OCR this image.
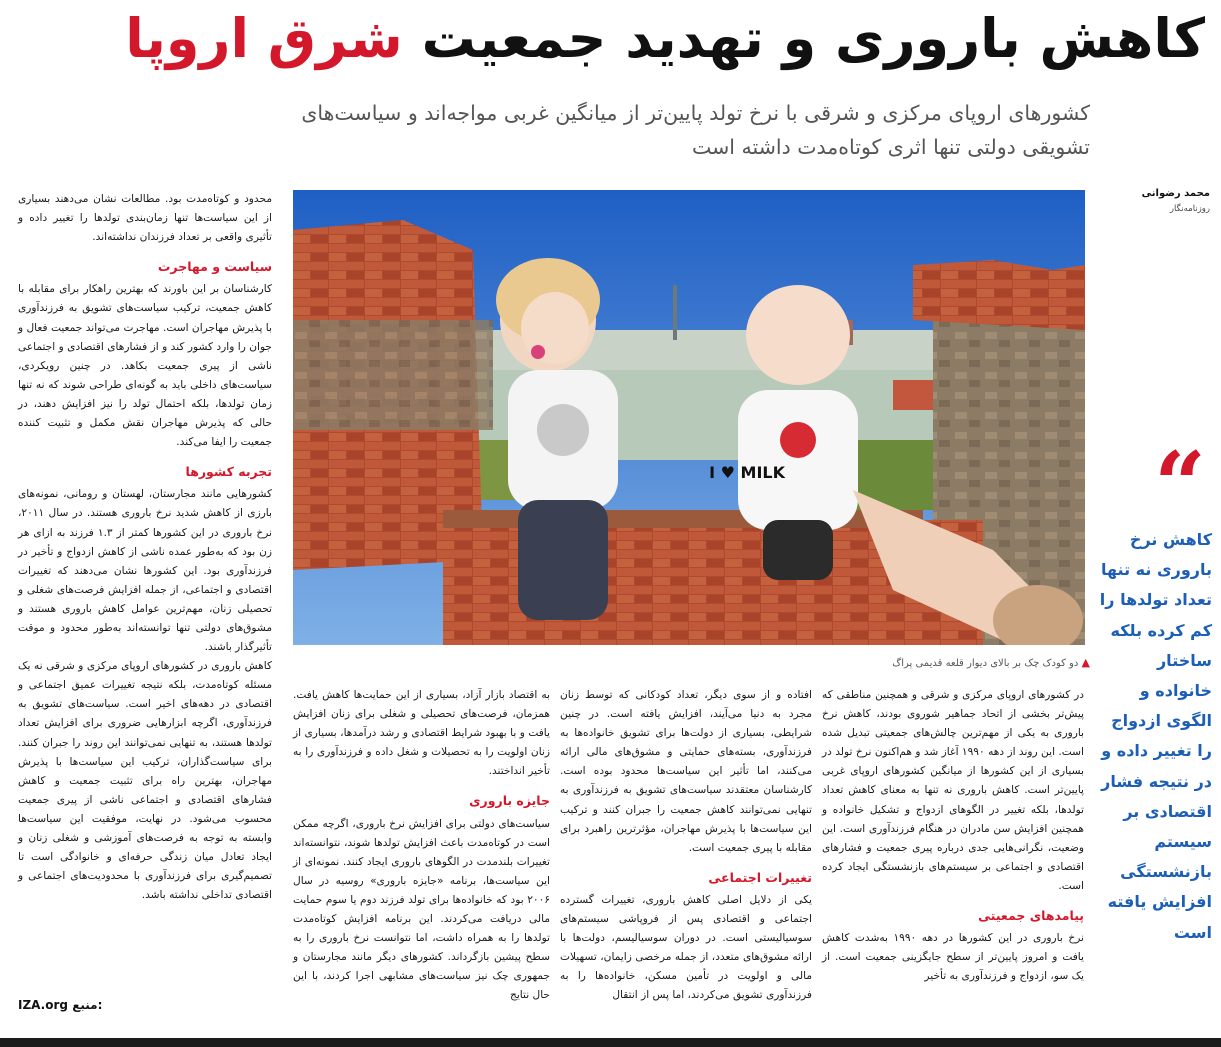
کاهش باروری و تهدید جمعیت شرق اروپا
کشورهای اروپای مرکزی و شرقی با نرخ تولد پایین‌تر از میانگین غربی مواجه‌اند و سیاست‌های
تشویقی دولتی تنها اثری کوتاه‌مدت داشته است
محمد رضوانی
روزنامه‌نگار

محدود و کوتاه‌مدت بود. مطالعات نشان می‌دهند بسیاری از این سیاست‌ها تنها زمان‌بندی تولدها را تغییر داده و تأثیری واقعی بر تعداد فرزندان نداشته‌اند.

سیاست و مهاجرت

کارشناسان بر این باورند که بهترین راهکار برای مقابله با کاهش جمعیت، ترکیب سیاست‌های تشویق به فرزندآوری با پذیرش مهاجران است. مهاجرت می‌تواند جمعیت فعال و جوان را وارد کشور کند و از فشارهای اقتصادی و اجتماعی ناشی از پیری جمعیت بکاهد. در چنین رویکردی، سیاست‌های داخلی باید به گونه‌ای طراحی شوند که نه تنها زمان تولدها، بلکه احتمال تولد را نیز افزایش دهند، در حالی که پذیرش مهاجران نقش مکمل و تثبیت کننده جمعیت را ایفا می‌کند.

تجربه کشورها

کشورهایی مانند مجارستان، لهستان و رومانی، نمونه‌های بارزی از کاهش شدید نرخ باروری هستند. در سال ۲۰۱۱، نرخ باروری در این کشورها کمتر از ۱.۳ فرزند به ازای هر زن بود که به‌طور عمده ناشی از کاهش ازدواج و تأخیر در فرزندآوری بود. این کشورها نشان می‌دهند که تغییرات اقتصادی و اجتماعی، از جمله افزایش فرصت‌های شغلی و تحصیلی زنان، مهم‌ترین عوامل کاهش باروری هستند و مشوق‌های دولتی تنها توانسته‌اند به‌طور محدود و موقت تأثیرگذار باشند.

کاهش باروری در کشورهای اروپای مرکزی و شرقی نه یک مسئله کوتاه‌مدت، بلکه نتیجه تغییرات عمیق اجتماعی و اقتصادی در دهه‌های اخیر است. سیاست‌های تشویق به فرزندآوری، اگرچه ابزارهایی ضروری برای افزایش تعداد تولدها هستند، به تنهایی نمی‌توانند این روند را جبران کنند. برای سیاست‌گذاران، ترکیب این سیاست‌ها با پذیرش مهاجران، بهترین راه برای تثبیت جمعیت و کاهش فشارهای اقتصادی و اجتماعی ناشی از پیری جمعیت محسوب می‌شود. در نهایت، موفقیت این سیاست‌ها وابسته به توجه به فرصت‌های آموزشی و شغلی زنان و ایجاد تعادل میان زندگی حرفه‌ای و خانوادگی است تا تصمیم‌گیری برای فرزندآوری با محدودیت‌های اجتماعی و اقتصادی تداخلی نداشته باشد.

I ♥ MILK
▲ دو کودک چک بر بالای دیوار قلعه قدیمی پراگ
“
کاهش نرخ باروری نه تنها تعداد تولدها را کم کرده بلکه ساختار خانواده و الگوی ازدواج را تغییر داده و در نتیجه فشار اقتصادی بر سیستم بازنشستگی افزایش یافته است

در کشورهای اروپای مرکزی و شرقی و همچنین مناطقی که پیش‌تر بخشی از اتحاد جماهیر شوروی بودند، کاهش نرخ باروری به یکی از مهم‌ترین چالش‌های جمعیتی تبدیل شده است. این روند از دهه ۱۹۹۰ آغاز شد و هم‌اکنون نرخ تولد در بسیاری از این کشورها از میانگین کشورهای اروپای غربی پایین‌تر است. کاهش باروری نه تنها به معنای کاهش تعداد تولدها، بلکه تغییر در الگوهای ازدواج و تشکیل خانواده و همچنین افزایش سن مادران در هنگام فرزندآوری است. این وضعیت، نگرانی‌هایی جدی درباره پیری جمعیت و فشارهای اقتصادی و اجتماعی بر سیستم‌های بازنشستگی ایجاد کرده است.

پیامدهای جمعیتی

نرخ باروری در این کشورها در دهه ۱۹۹۰ به‌شدت کاهش یافت و امروز پایین‌تر از سطح جایگزینی جمعیت است. از یک سو، ازدواج و فرزندآوری به تأخیر

افتاده و از سوی دیگر، تعداد کودکانی که توسط زنان مجرد به دنیا می‌آیند، افزایش یافته است. در چنین شرایطی، بسیاری از دولت‌ها برای تشویق خانواده‌ها به فرزندآوری، بسته‌های حمایتی و مشوق‌های مالی ارائه می‌کنند، اما تأثیر این سیاست‌ها محدود بوده است. کارشناسان معتقدند سیاست‌های تشویق به فرزندآوری به تنهایی نمی‌توانند کاهش جمعیت را جبران کنند و ترکیب این سیاست‌ها با پذیرش مهاجران، مؤثرترین راهبرد برای مقابله با پیری جمعیت است.

تغییرات اجتماعی

یکی از دلایل اصلی کاهش باروری، تغییرات گسترده اجتماعی و اقتصادی پس از فروپاشی سیستم‌های سوسیالیستی است. در دوران سوسیالیسم، دولت‌ها با ارائه مشوق‌های متعدد، از جمله مرخصی زایمان، تسهیلات مالی و اولویت در تأمین مسکن، خانواده‌ها را به فرزندآوری تشویق می‌کردند، اما پس از انتقال

به اقتصاد بازار آزاد، بسیاری از این حمایت‌ها کاهش یافت. همزمان، فرصت‌های تحصیلی و شغلی برای زنان افزایش یافت و با بهبود شرایط اقتصادی و رشد درآمدها، بسیاری از زنان اولویت را به تحصیلات و شغل داده و فرزندآوری را به تأخیر انداختند.

جایزه باروری

سیاست‌های دولتی برای افزایش نرخ باروری، اگرچه ممکن است در کوتاه‌مدت باعث افزایش تولدها شوند، نتوانسته‌اند تغییرات بلندمدت در الگوهای باروری ایجاد کنند. نمونه‌ای از این سیاست‌ها، برنامه «جایزه باروری» روسیه در سال ۲۰۰۶ بود که خانواده‌ها برای تولد فرزند دوم یا سوم حمایت مالی دریافت می‌کردند. این برنامه افزایش کوتاه‌مدت تولدها را به همراه داشت، اما نتوانست نرخ باروری را به سطح پیشین بازگرداند. کشورهای دیگر مانند مجارستان و جمهوری چک نیز سیاست‌های مشابهی اجرا کردند، با این حال نتایج

IZA.org منبع:
